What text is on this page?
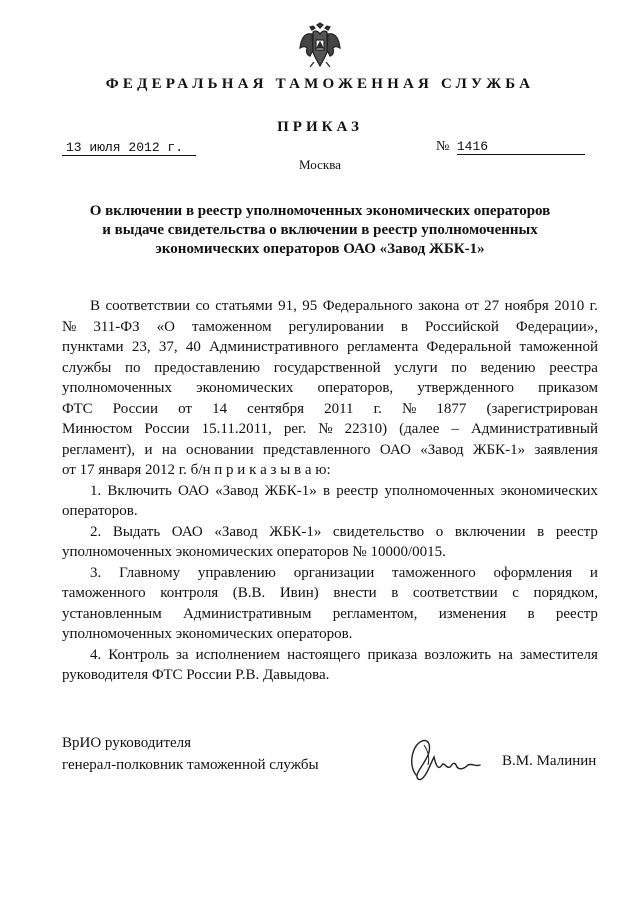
ФЕДЕРАЛЬНАЯ ТАМОЖЕННАЯ СЛУЖБА
ПРИКАЗ
13 июля 2012 г.	№ 1416
Москва
О включении в реестр уполномоченных экономических операторов
и выдаче свидетельства о включении в реестр уполномоченных
экономических операторов ОАО «Завод ЖБК-1»
В соответствии со статьями 91, 95 Федерального закона от 27 ноября 2010 г.
№ 311-ФЗ «О таможенном регулировании в Российской Федерации»,
пунктами 23, 37, 40 Административного регламента Федеральной таможенной
службы по предоставлению государственной услуги по ведению реестра
уполномоченных экономических операторов, утвержденного приказом
ФТС России от 14 сентября 2011 г. № 1877 (зарегистрирован
Минюстом России 15.11.2011, рег. № 22310) (далее – Административный
регламент), и на основании представленного ОАО «Завод ЖБК-1» заявления
от 17 января 2012 г. б/н п р и к а з ы в а ю:
1. Включить ОАО «Завод ЖБК-1» в реестр уполномоченных экономических
операторов.
2. Выдать ОАО «Завод ЖБК-1» свидетельство о включении в реестр
уполномоченных экономических операторов № 10000/0015.
3. Главному управлению организации таможенного оформления и
таможенного контроля (В.В. Ивин) внести в соответствии с порядком,
установленным Административным регламентом, изменения в реестр
уполномоченных экономических операторов.
4. Контроль за исполнением настоящего приказа возложить на заместителя
руководителя ФТС России Р.В. Давыдова.
ВрИО руководителя
генерал-полковник таможенной службы	В.М. Малинин
